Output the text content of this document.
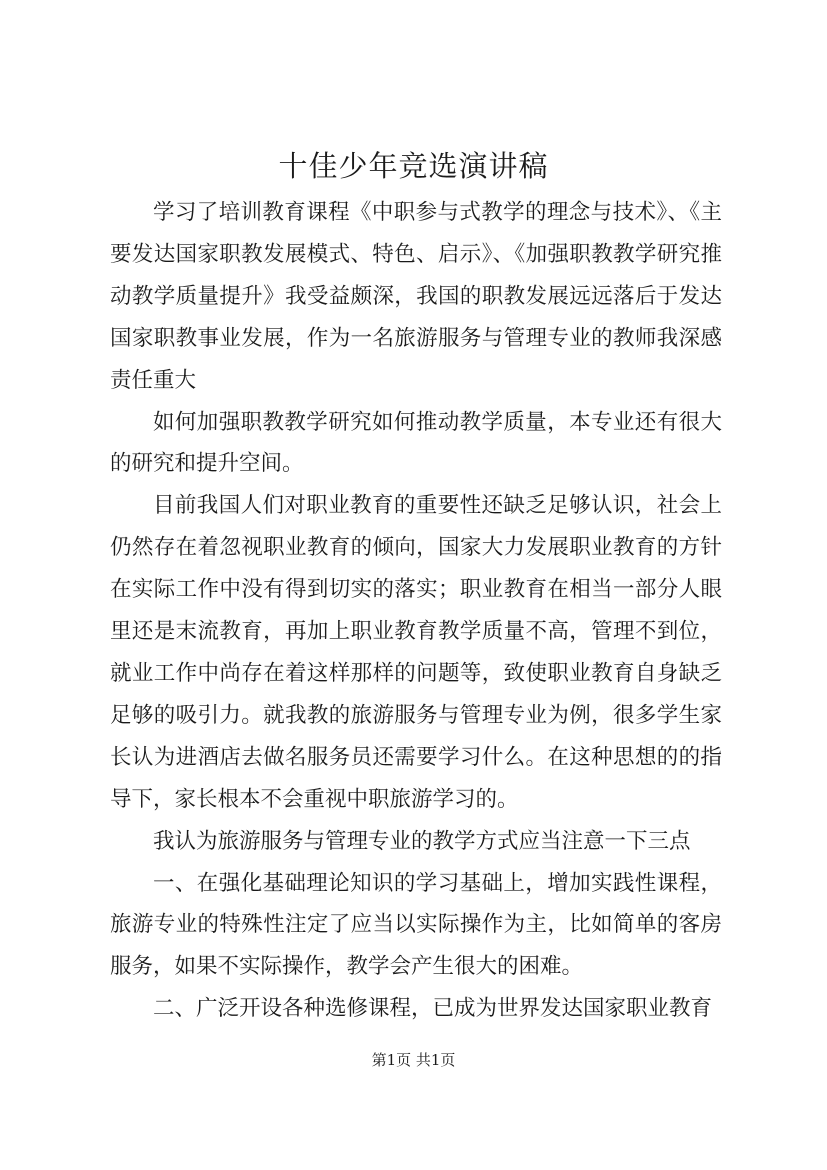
十佳少年竞选演讲稿

学习了培训教育课程《中职参与式教学的理念与技术》、《主要发达国家职教发展模式、特色、启示》、《加强职教教学研究推动教学质量提升》我受益颇深，我国的职教发展远远落后于发达国家职教事业发展，作为一名旅游服务与管理专业的教师我深感责任重大

如何加强职教教学研究如何推动教学质量，本专业还有很大的研究和提升空间。

目前我国人们对职业教育的重要性还缺乏足够认识，社会上仍然存在着忽视职业教育的倾向，国家大力发展职业教育的方针在实际工作中没有得到切实的落实；职业教育在相当一部分人眼里还是末流教育，再加上职业教育教学质量不高，管理不到位，就业工作中尚存在着这样那样的问题等，致使职业教育自身缺乏足够的吸引力。就我教的旅游服务与管理专业为例，很多学生家长认为进酒店去做名服务员还需要学习什么。在这种思想的的指导下，家长根本不会重视中职旅游学习的。

我认为旅游服务与管理专业的教学方式应当注意一下三点

一、在强化基础理论知识的学习基础上，增加实践性课程，旅游专业的特殊性注定了应当以实际操作为主，比如简单的客房服务，如果不实际操作，教学会产生很大的困难。

二、广泛开设各种选修课程，已成为世界发达国家职业教育

第1页 共1页
